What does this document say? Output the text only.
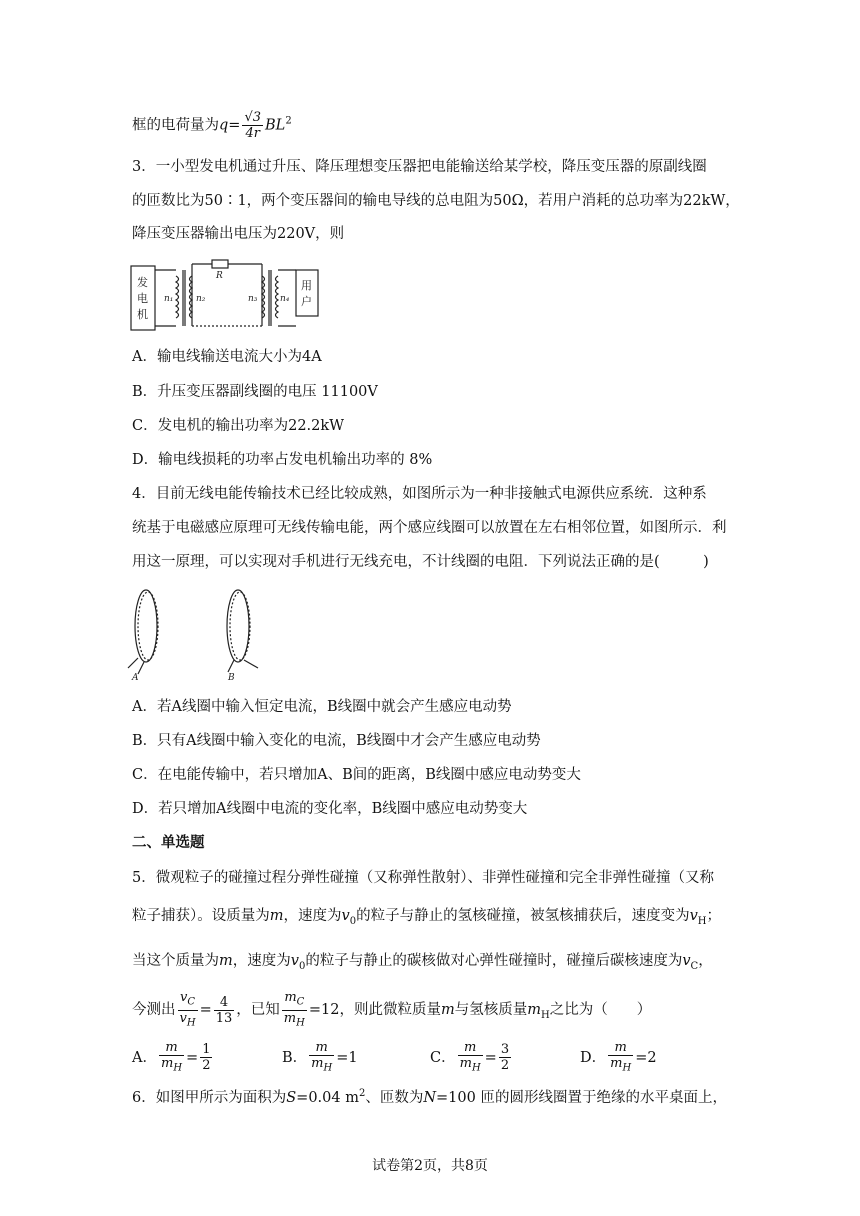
框的电荷量为$q= \frac{√3}{4r} BL^2$
3．一小型发电机通过升压、降压理想变压器把电能输送给某学校，降压变压器的原副线圈
的匝数比为50∶1，两个变压器间的输电导线的总电阻为50Ω，若用户消耗的总功率为22kW，
降压变压器输出电压为220V，则
发
电
机
用
户
R
n₁	n₂	n₃	n₄
A．输电线输送电流大小为4A
B．升压变压器副线圈的电压 11100V
C．发电机的输出功率为22.2kW
D．输电线损耗的功率占发电机输出功率的 8%
4．目前无线电能传输技术已经比较成熟，如图所示为一种非接触式电源供应系统．这种系
统基于电磁感应原理可无线传输电能，两个感应线圈可以放置在左右相邻位置，如图所示．利
用这一原理，可以实现对手机进行无线充电，不计线圈的电阻．下列说法正确的是(　　　)
A	B
A．若A线圈中输入恒定电流，B线圈中就会产生感应电动势
B．只有A线圈中输入变化的电流，B线圈中才会产生感应电动势
C．在电能传输中，若只增加A、B间的距离，B线圈中感应电动势变大
D．若只增加A线圈中电流的变化率，B线圈中感应电动势变大
二、单选题
5．微观粒子的碰撞过程分弹性碰撞（又称弹性散射）、非弹性碰撞和完全非弹性碰撞（又称
粒子捕获）。设质量为m，速度为$v_0$的粒子与静止的氢核碰撞，被氢核捕获后，速度变为$v_H$；
当这个质量为m，速度为$v_0$的粒子与静止的碳核做对心弹性碰撞时，碰撞后碳核速度为$v_C$，
今测出 $\frac{v_C}{v_H} = \frac{4}{13}$ ，已知 $\frac{m_C}{m_H} =12$，则此微粒质量m与氢核质量$m_H$之比为（　　）
A． $\frac{m}{m_H} = \frac{1}{2}$	B． $\frac{m}{m_H} =1$	C． $\frac{m}{m_H} = \frac{3}{2}$	D． $\frac{m}{m_H} =2$
6．如图甲所示为面积为S=0.04 $m^2$、匝数为N=100 匝的圆形线圈置于绝缘的水平桌面上，
试卷第2页，共8页
